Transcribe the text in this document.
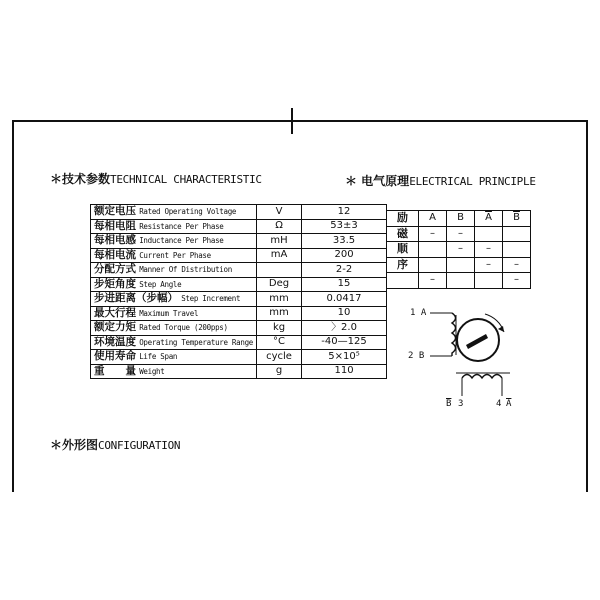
＊技术参数TECHNICAL CHARACTERISTIC	＊ 电气原理ELECTRICAL PRINCIPLE
＊外形图CONFIGURATION
额定电压 Rated Operating Voltage	V	12
每相电阻 Resistance Per Phase	Ω	53±3
每相电感 Inductance Per Phase	mH	33.5
每相电流 Current Per Phase	mA	200
分配方式 Manner Of Distribution		2-2
步矩角度 Step Angle	Deg	15
步进距离（步幅） Step Increment	mm	0.0417
最大行程 Maximum Travel	mm	10
额定力矩 Rated Torque (200pps)	kg	〉2.0
环境温度 Operating Temperature Range	°C	-40—125
使用寿命 Life Span	cycle	5×10⁵
重　　量 Weight	g	110
励	A	B	$\overline{A}$	$\overline{B}$
磁	–	–		
顺		–	–	
序			–	–
	–			–
1 A
2 B
$\overline{B}$ 3	4 $\overline{A}$
